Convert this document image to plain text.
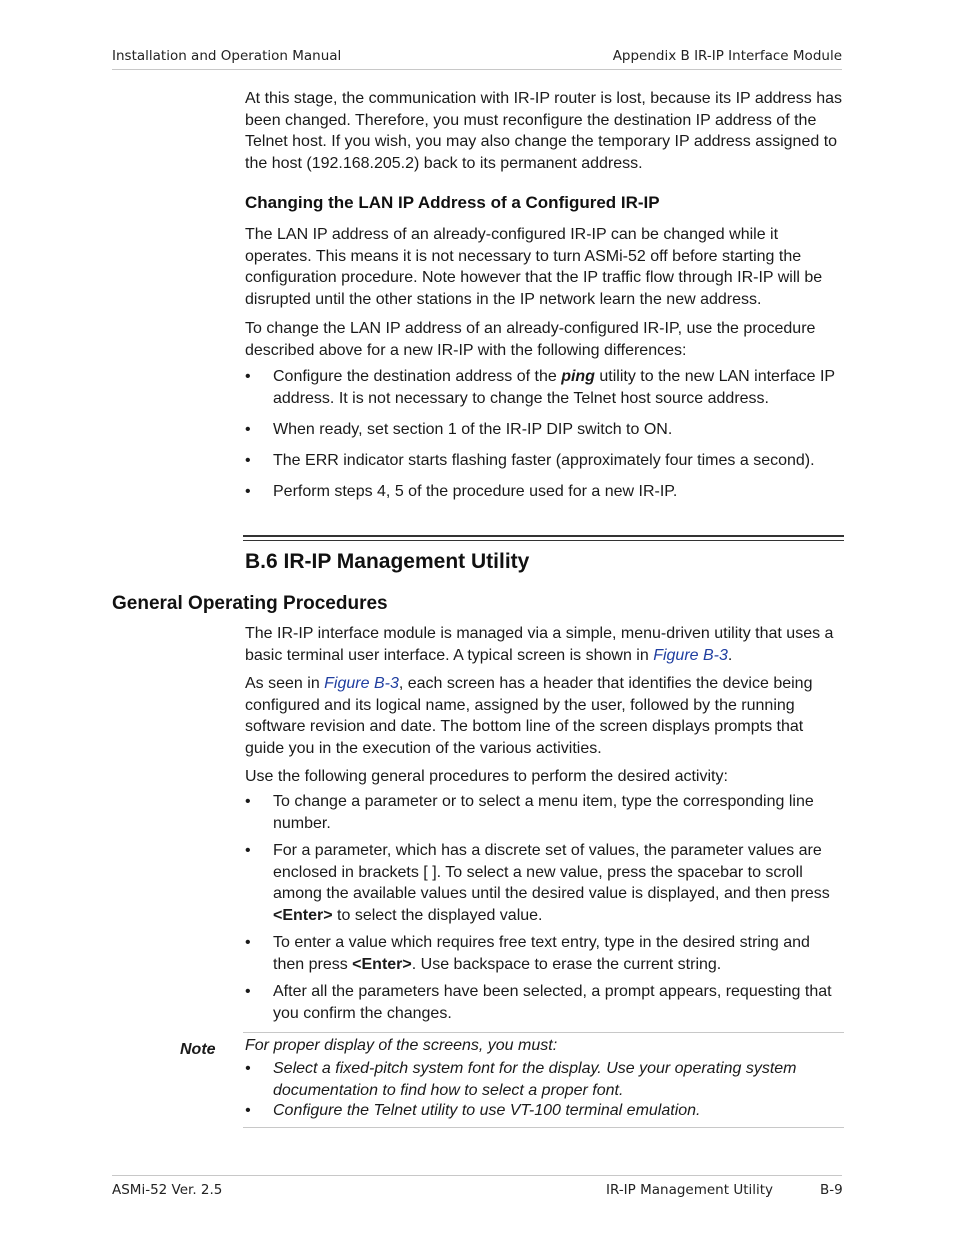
Installation and Operation Manual	Appendix B IR-IP Interface Module

At this stage, the communication with IR-IP router is lost, because its IP address has been changed. Therefore, you must reconfigure the destination IP address of the Telnet host. If you wish, you may also change the temporary IP address assigned to the host (192.168.205.2) back to its permanent address.

Changing the LAN IP Address of a Configured IR-IP

The LAN IP address of an already-configured IR-IP can be changed while it operates. This means it is not necessary to turn ASMi-52 off before starting the configuration procedure. Note however that the IP traffic flow through IR-IP will be disrupted until the other stations in the IP network learn the new address.

To change the LAN IP address of an already-configured IR-IP, use the procedure described above for a new IR-IP with the following differences:

• Configure the destination address of the ping utility to the new LAN interface IP address. It is not necessary to change the Telnet host source address.
• When ready, set section 1 of the IR-IP DIP switch to ON.
• The ERR indicator starts flashing faster (approximately four times a second).
• Perform steps 4, 5 of the procedure used for a new IR-IP.
B.6 IR-IP Management Utility
General Operating Procedures

The IR-IP interface module is managed via a simple, menu-driven utility that uses a basic terminal user interface. A typical screen is shown in Figure B-3.

As seen in Figure B-3, each screen has a header that identifies the device being configured and its logical name, assigned by the user, followed by the running software revision and date. The bottom line of the screen displays prompts that guide you in the execution of the various activities.

Use the following general procedures to perform the desired activity:

• To change a parameter or to select a menu item, type the corresponding line number.
• For a parameter, which has a discrete set of values, the parameter values are enclosed in brackets [ ]. To select a new value, press the spacebar to scroll among the available values until the desired value is displayed, and then press <Enter> to select the displayed value.
• To enter a value which requires free text entry, type in the desired string and then press <Enter>. Use backspace to erase the current string.
• After all the parameters have been selected, a prompt appears, requesting that you confirm the changes.
Note For proper display of the screens, you must:

• Select a fixed-pitch system font for the display. Use your operating system documentation to find how to select a proper font.
• Configure the Telnet utility to use VT-100 terminal emulation.
ASMi-52 Ver. 2.5	IR-IP Management Utility	B-9
